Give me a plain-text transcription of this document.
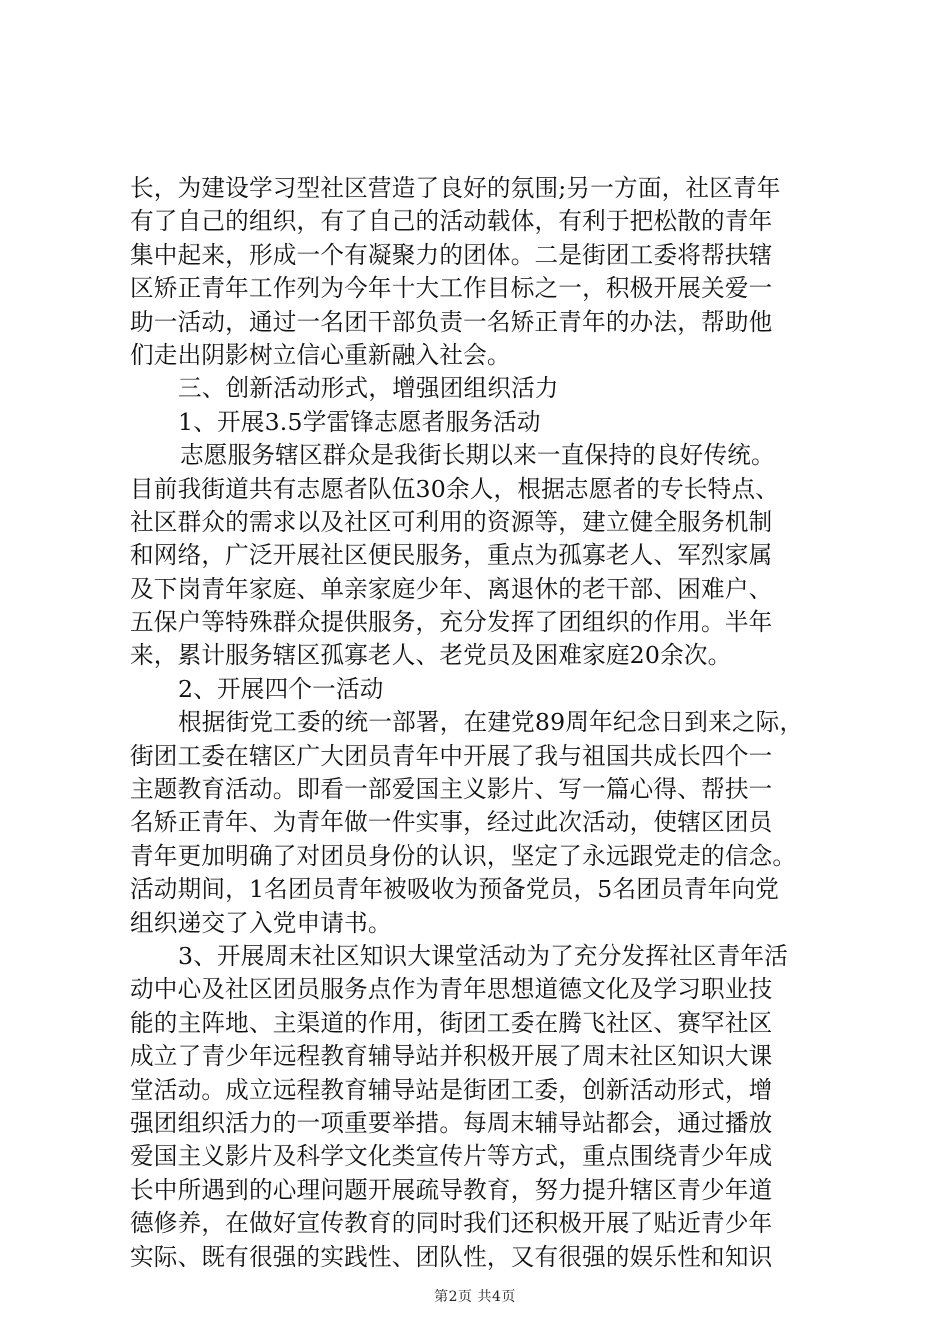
长，为建设学习型社区营造了良好的氛围;另一方面，社区青年
有了自己的组织，有了自己的活动载体，有利于把松散的青年
集中起来，形成一个有凝聚力的团体。二是街团工委将帮扶辖
区矫正青年工作列为今年十大工作目标之一，积极开展关爱一
助一活动，通过一名团干部负责一名矫正青年的办法，帮助他
们走出阴影树立信心重新融入社会。
三、创新活动形式，增强团组织活力
1、开展3.5学雷锋志愿者服务活动
志愿服务辖区群众是我街长期以来一直保持的良好传统。
目前我街道共有志愿者队伍30余人，根据志愿者的专长特点、
社区群众的需求以及社区可利用的资源等，建立健全服务机制
和网络，广泛开展社区便民服务，重点为孤寡老人、军烈家属
及下岗青年家庭、单亲家庭少年、离退休的老干部、困难户、
五保户等特殊群众提供服务，充分发挥了团组织的作用。半年
来，累计服务辖区孤寡老人、老党员及困难家庭20余次。
2、开展四个一活动
根据街党工委的统一部署，在建党89周年纪念日到来之际，
街团工委在辖区广大团员青年中开展了我与祖国共成长四个一
主题教育活动。即看一部爱国主义影片、写一篇心得、帮扶一
名矫正青年、为青年做一件实事，经过此次活动，使辖区团员
青年更加明确了对团员身份的认识，坚定了永远跟党走的信念。
活动期间，1名团员青年被吸收为预备党员，5名团员青年向党
组织递交了入党申请书。
3、开展周末社区知识大课堂活动为了充分发挥社区青年活
动中心及社区团员服务点作为青年思想道德文化及学习职业技
能的主阵地、主渠道的作用，街团工委在腾飞社区、赛罕社区
成立了青少年远程教育辅导站并积极开展了周末社区知识大课
堂活动。成立远程教育辅导站是街团工委，创新活动形式，增
强团组织活力的一项重要举措。每周末辅导站都会，通过播放
爱国主义影片及科学文化类宣传片等方式，重点围绕青少年成
长中所遇到的心理问题开展疏导教育，努力提升辖区青少年道
德修养，在做好宣传教育的同时我们还积极开展了贴近青少年
实际、既有很强的实践性、团队性，又有很强的娱乐性和知识
第2页 共4页
